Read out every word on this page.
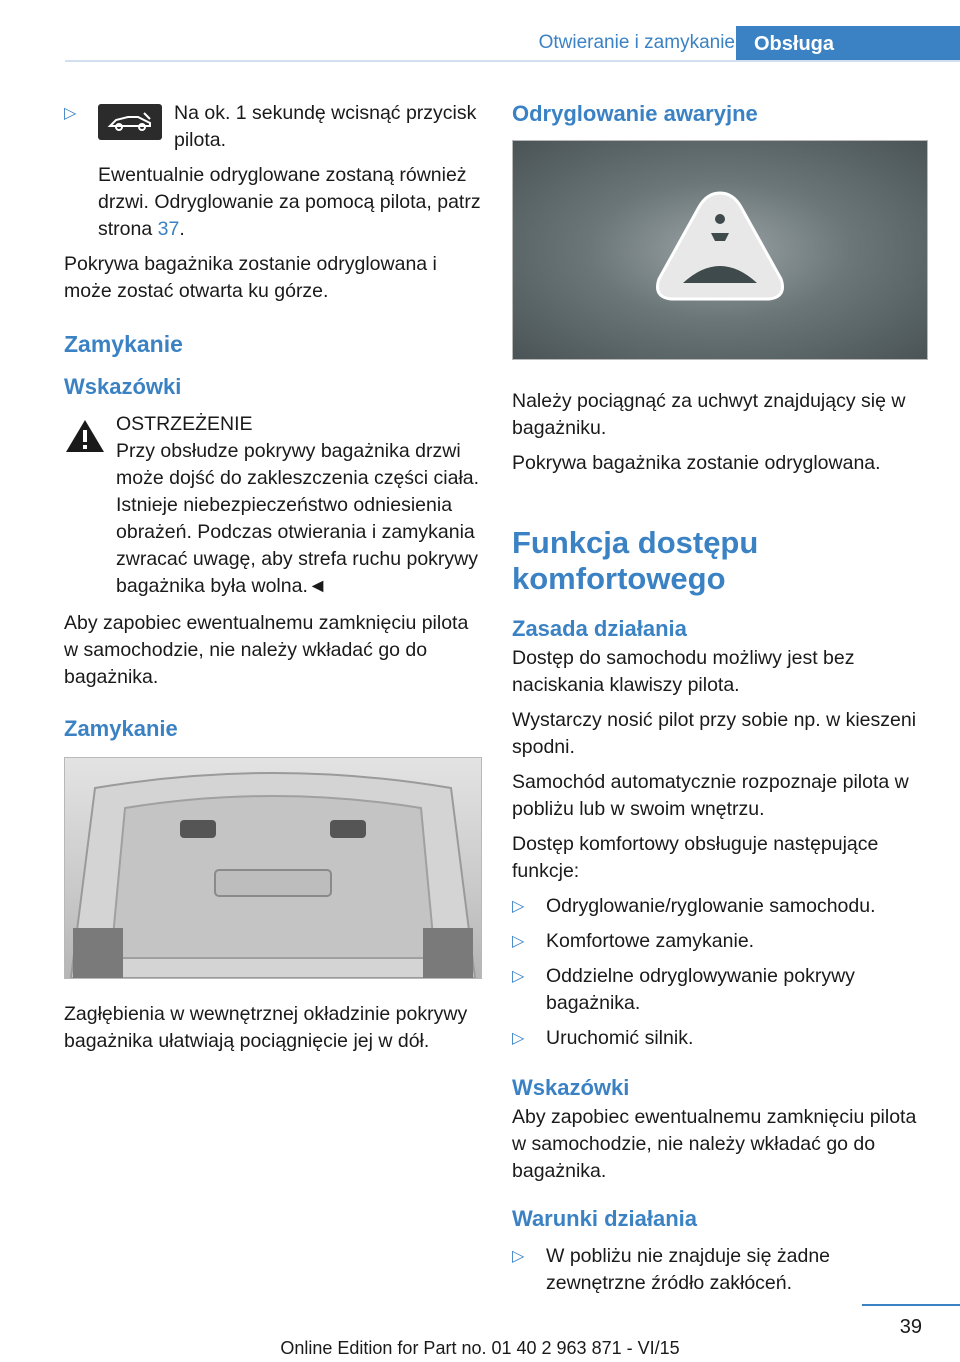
Otwieranie i zamykanie Obsługa
▷	Na ok. 1 sekundę wcisnąć przycisk pilota.

Ewentualnie odryglowane zostaną również drzwi. Odryglowanie za pomocą pilota, patrz strona 37.

Pokrywa bagażnika zostanie odryglowana i może zostać otwarta ku górze.

Zamykanie
Wskazówki
OSTRZEŻENIE
Przy obsłudze pokrywy bagażnika drzwi może dojść do zakleszczenia części ciała. Istnieje niebezpieczeństwo odniesienia obrażeń. Podczas otwierania i zamykania zwracać uwagę, aby strefa ruchu pokrywy bagażnika była wolna.◄

Aby zapobiec ewentualnemu zamknięciu pilota w samochodzie, nie należy wkładać go do bagażnika.

Zamykanie

Zagłębienia w wewnętrznej okładzinie pokrywy bagażnika ułatwiają pociągnięcie jej w dół.

Odryglowanie awaryjne

Należy pociągnąć za uchwyt znajdujący się w bagażniku.

Pokrywa bagażnika zostanie odryglowana.

Funkcja dostępu komfortowego
Zasada działania

Dostęp do samochodu możliwy jest bez naciskania klawiszy pilota.

Wystarczy nosić pilot przy sobie np. w kieszeni spodni.

Samochód automatycznie rozpoznaje pilota w pobliżu lub w swoim wnętrzu.

Dostęp komfortowy obsługuje następujące funkcje:

▷ Odryglowanie/ryglowanie samochodu.
▷ Komfortowe zamykanie.
▷ Oddzielne odryglowywanie pokrywy bagażnika.
▷ Uruchomić silnik.
Wskazówki

Aby zapobiec ewentualnemu zamknięciu pilota w samochodzie, nie należy wkładać go do bagażnika.

Warunki działania
▷ W pobliżu nie znajduje się żadne zewnętrzne źródło zakłóceń.
39
Online Edition for Part no. 01 40 2 963 871 - VI/15
